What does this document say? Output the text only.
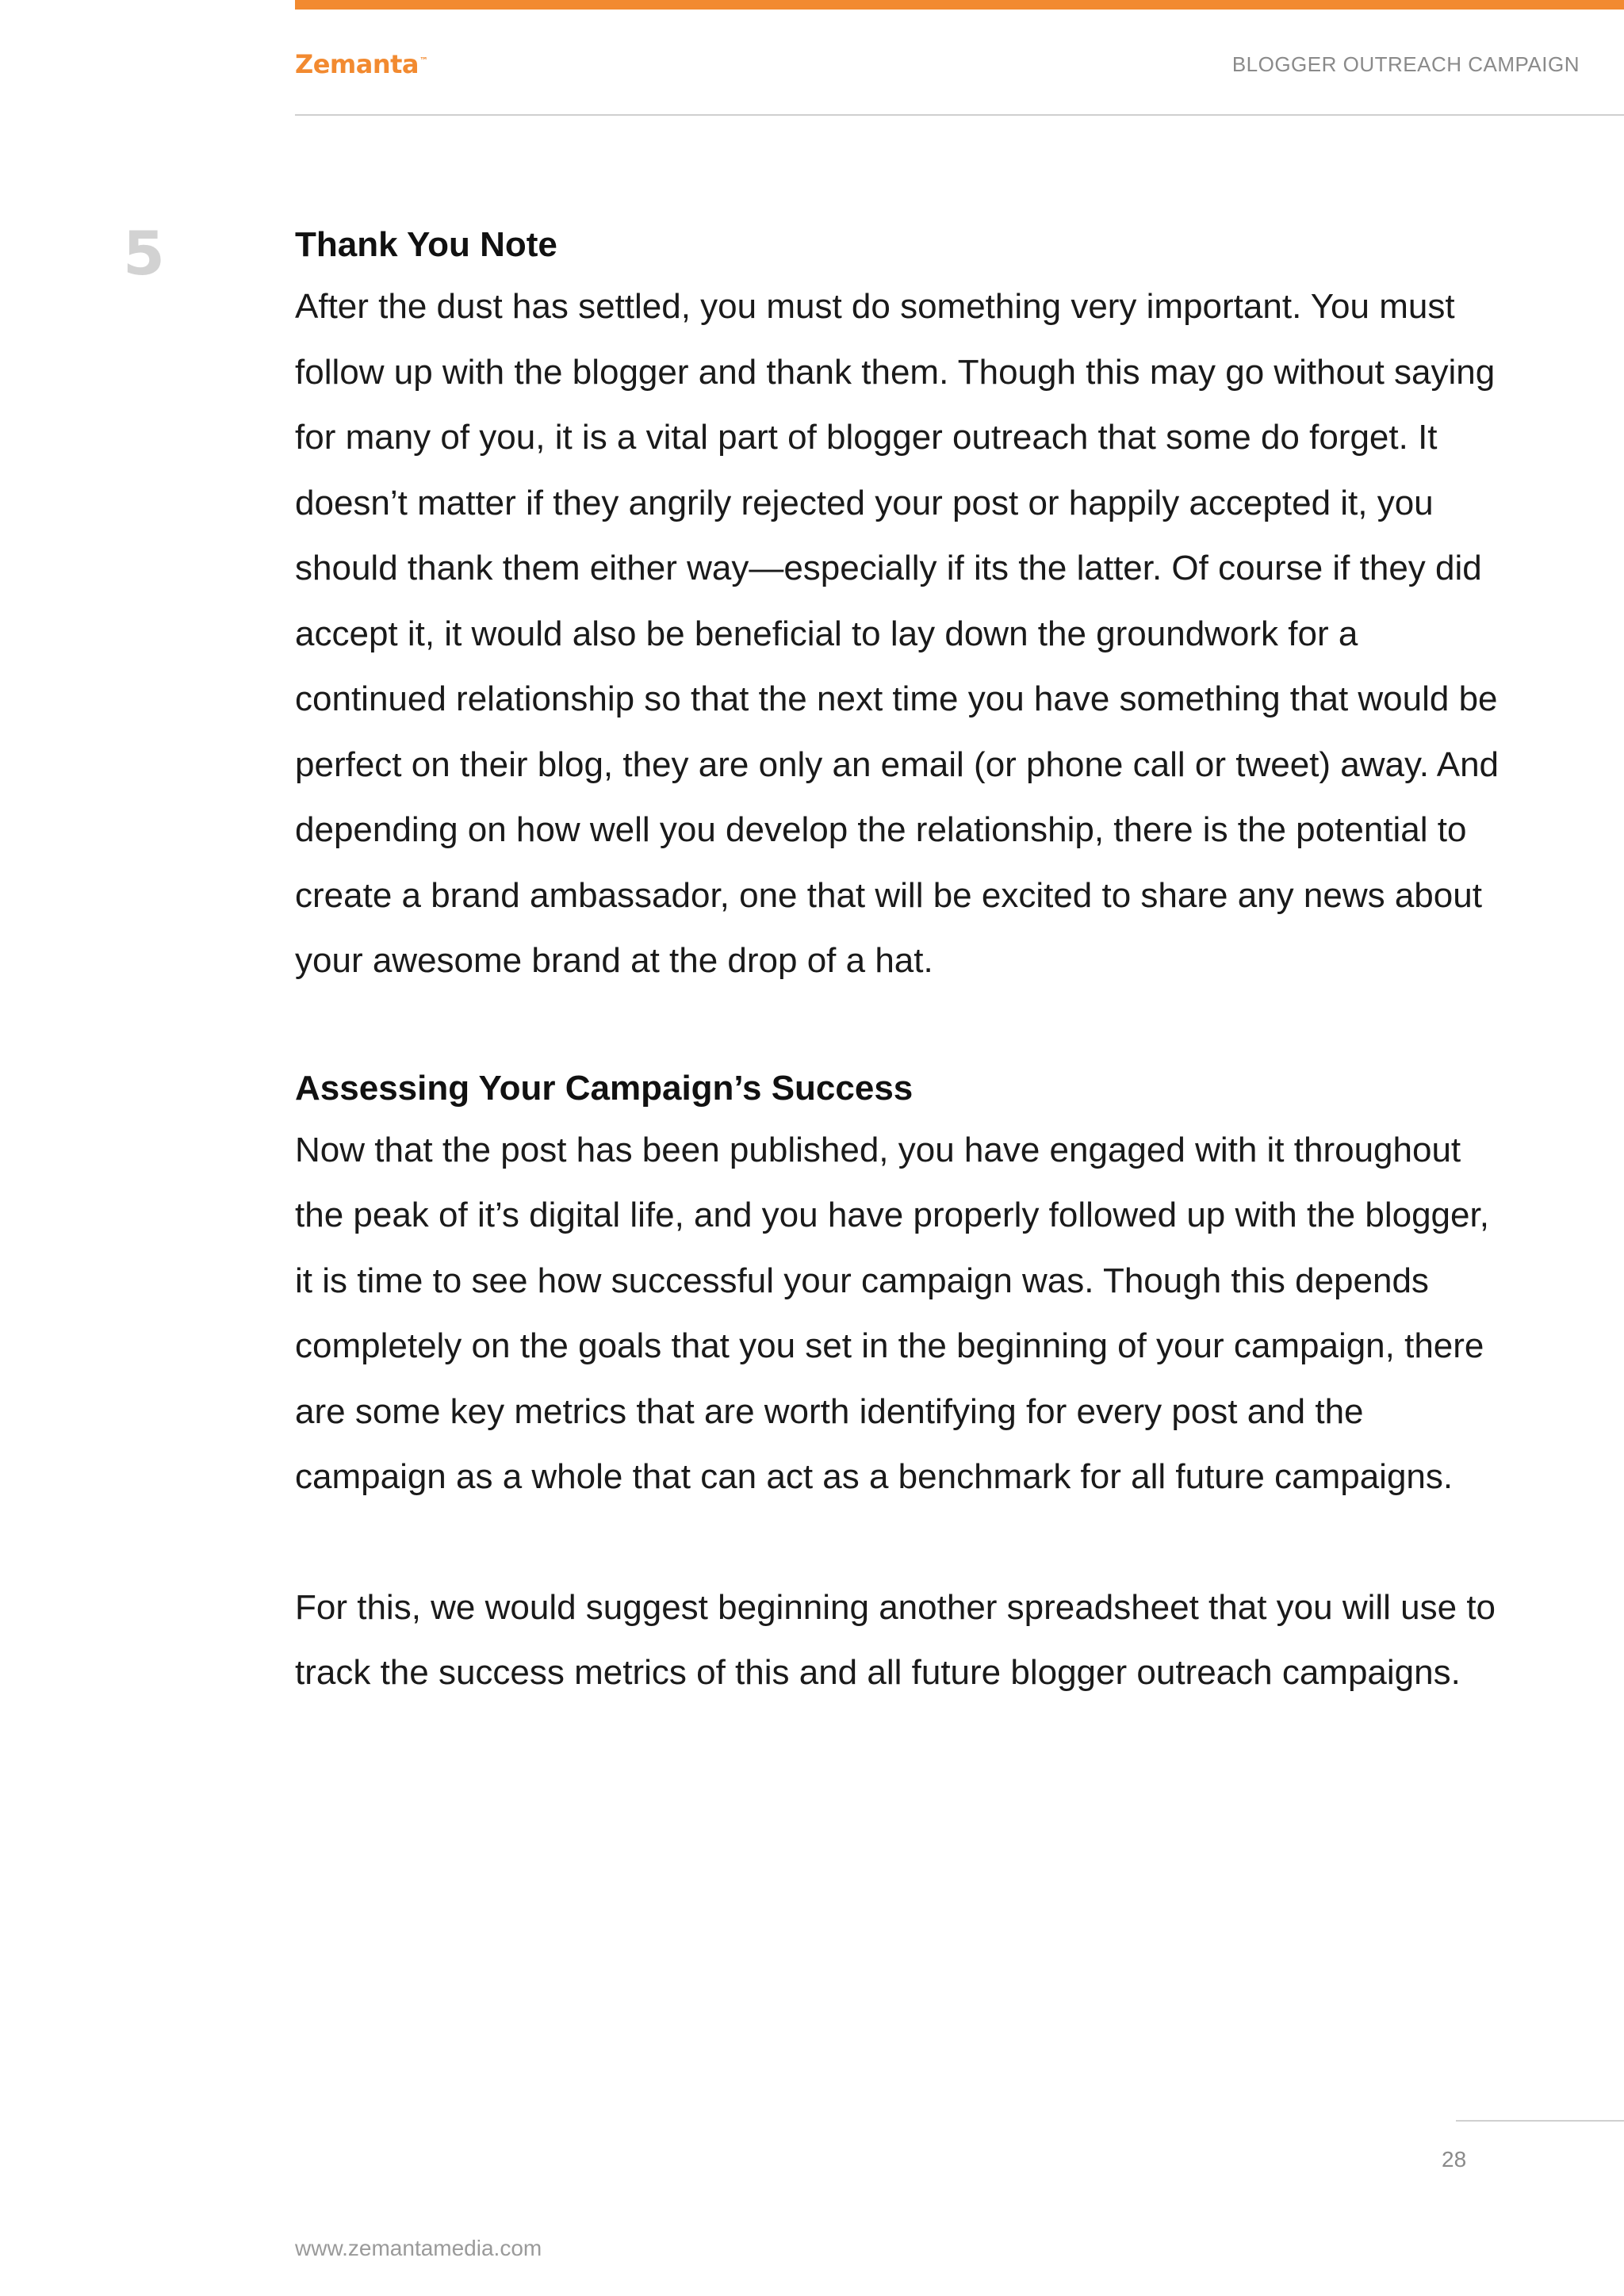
Zemanta™	BLOGGER OUTREACH CAMPAIGN
5	Thank You Note

After the dust has settled, you must do something very important. You must follow up with the blogger and thank them. Though this may go without saying for many of you, it is a vital part of blogger outreach that some do forget. It doesn’t matter if they angrily rejected your post or happily accepted it, you should thank them either way—especially if its the latter. Of course if they did accept it, it would also be beneficial to lay down the groundwork for a continued relationship so that the next time you have something that would be perfect on their blog, they are only an email (or phone call or tweet) away. And depending on how well you develop the relationship, there is the potential to create a brand ambassador, one that will be excited to share any news about your awesome brand at the drop of a hat.

Assessing Your Campaign’s Success

Now that the post has been published, you have engaged with it throughout the peak of it’s digital life, and you have properly followed up with the blogger, it is time to see how successful your campaign was. Though this depends completely on the goals that you set in the beginning of your campaign, there are some key metrics that are worth identifying for every post and the campaign as a whole that can act as a benchmark for all future campaigns.

For this, we would suggest beginning another spreadsheet that you will use to track the success metrics of this and all future blogger outreach campaigns.

28
www.zemantamedia.com
